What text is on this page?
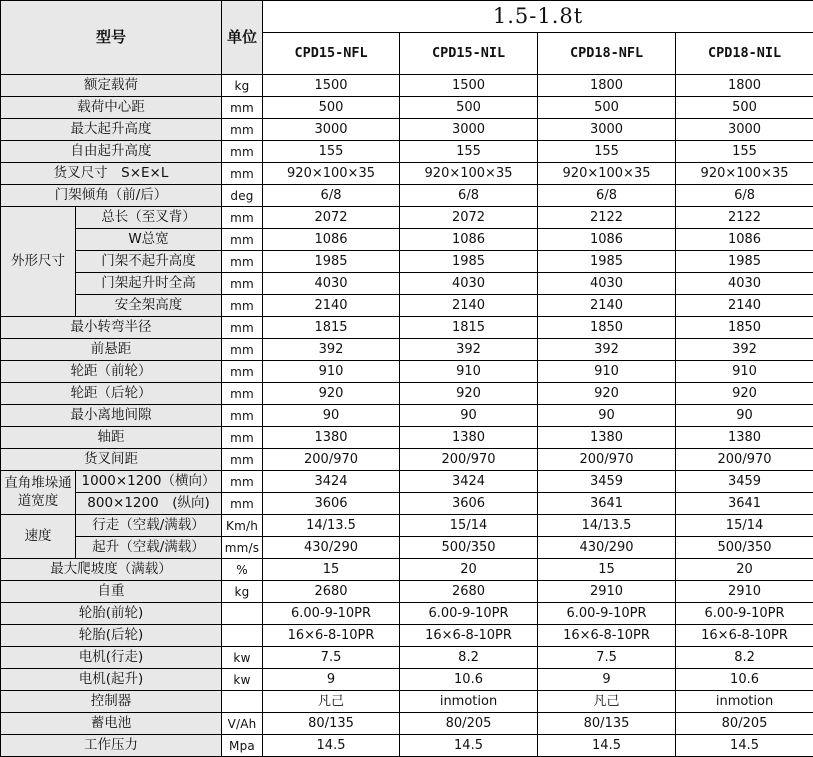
型号		单位	1.5-1.8t			
			CPD15-NFL	CPD15-NIL	CPD18-NFL	CPD18-NIL
额定载荷		kg	1500	1500	1800	1800
载荷中心距		mm	500	500	500	500
最大起升高度		mm	3000	3000	3000	3000
自由起升高度		mm	155	155	155	155
货叉尺寸　S×E×L		mm	920×100×35	920×100×35	920×100×35	920×100×35
门架倾角（前/后）		deg	6/8	6/8	6/8	6/8
外形尺寸	总长（至叉背）	mm	2072	2072	2122	2122
	W总宽	mm	1086	1086	1086	1086
	门架不起升高度	mm	1985	1985	1985	1985
	门架起升时全高	mm	4030	4030	4030	4030
	安全架高度	mm	2140	2140	2140	2140
最小转弯半径		mm	1815	1815	1850	1850
前悬距		mm	392	392	392	392
轮距（前轮）		mm	910	910	910	910
轮距（后轮）		mm	920	920	920	920
最小离地间隙		mm	90	90	90	90
轴距		mm	1380	1380	1380	1380
货叉间距		mm	200/970	200/970	200/970	200/970
直角堆垛通道宽度	1000×1200（横向）	mm	3424	3424	3459	3459
	800×1200　(纵向)	mm	3606	3606	3641	3641
速度	行走（空载/满载）	Km/h	14/13.5	15/14	14/13.5	15/14
	起升（空载/满载）	mm/s	430/290	500/350	430/290	500/350
最大爬坡度（满载）		%	15	20	15	20
自重		kg	2680	2680	2910	2910
轮胎(前轮)			6.00-9-10PR	6.00-9-10PR	6.00-9-10PR	6.00-9-10PR
轮胎(后轮)			16×6-8-10PR	16×6-8-10PR	16×6-8-10PR	16×6-8-10PR
电机(行走)		kw	7.5	8.2	7.5	8.2
电机(起升)		kw	9	10.6	9	10.6
控制器			凡己	inmotion	凡己	inmotion
蓄电池		V/Ah	80/135	80/205	80/135	80/205
工作压力		Mpa	14.5	14.5	14.5	14.5
